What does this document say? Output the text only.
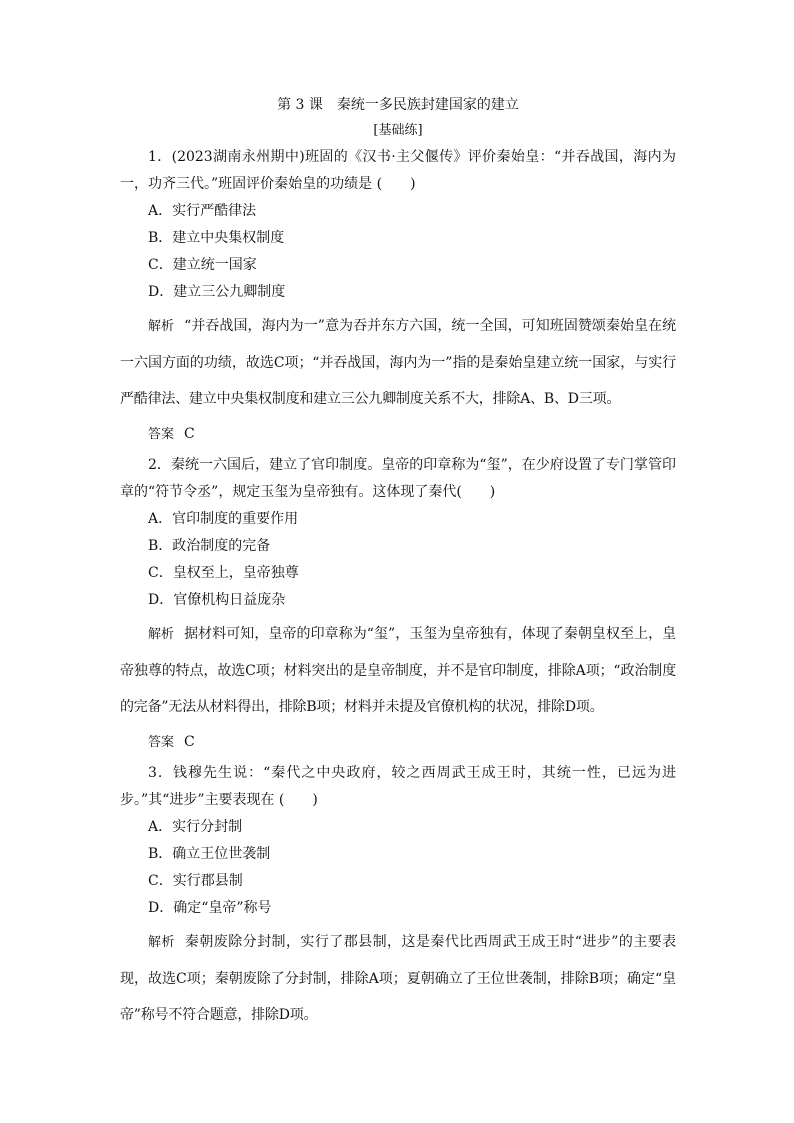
第 3 课　秦统一多民族封建国家的建立
[基础练]

1．(2023湖南永州期中)班固的《汉书·主父偃传》评价秦始皇：“并吞战国，海内为一，功齐三代。”班固评价秦始皇的功绩是 (　　)

A．实行严酷律法
B．建立中央集权制度
C．建立统一国家
D．建立三公九卿制度

解析 “并吞战国，海内为一”意为吞并东方六国，统一全国，可知班固赞颂秦始皇在统一六国方面的功绩，故选C项；“并吞战国，海内为一”指的是秦始皇建立统一国家，与实行严酷律法、建立中央集权制度和建立三公九卿制度关系不大，排除A、B、D三项。

答案 C

2．秦统一六国后，建立了官印制度。皇帝的印章称为“玺”，在少府设置了专门掌管印章的“符节令丞”，规定玉玺为皇帝独有。这体现了秦代(　　)

A．官印制度的重要作用
B．政治制度的完备
C．皇权至上，皇帝独尊
D．官僚机构日益庞杂

解析 据材料可知，皇帝的印章称为“玺”，玉玺为皇帝独有，体现了秦朝皇权至上，皇帝独尊的特点，故选C项；材料突出的是皇帝制度，并不是官印制度，排除A项；“政治制度的完备”无法从材料得出，排除B项；材料并未提及官僚机构的状况，排除D项。

答案 C

3．钱穆先生说：“秦代之中央政府，较之西周武王成王时，其统一性，已远为进步。”其“进步”主要表现在 (　　)

A．实行分封制
B．确立王位世袭制
C．实行郡县制
D．确定“皇帝”称号

解析 秦朝废除分封制，实行了郡县制，这是秦代比西周武王成王时“进步”的主要表现，故选C项；秦朝废除了分封制，排除A项；夏朝确立了王位世袭制，排除B项；确定“皇帝”称号不符合题意，排除D项。
